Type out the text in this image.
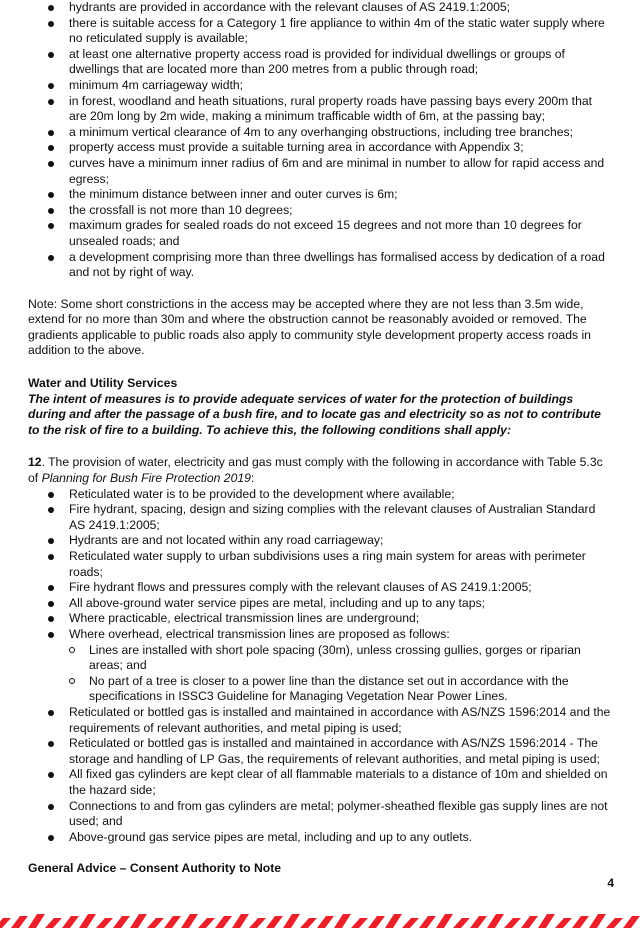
hydrants are provided in accordance with the relevant clauses of AS 2419.1:2005;
there is suitable access for a Category 1 fire appliance to within 4m of the static water supply where no reticulated supply is available;
at least one alternative property access road is provided for individual dwellings or groups of dwellings that are located more than 200 metres from a public through road;
minimum 4m carriageway width;
in forest, woodland and heath situations, rural property roads have passing bays every 200m that are 20m long by 2m wide, making a minimum trafficable width of 6m, at the passing bay;
a minimum vertical clearance of 4m to any overhanging obstructions, including tree branches;
property access must provide a suitable turning area in accordance with Appendix 3;
curves have a minimum inner radius of 6m and are minimal in number to allow for rapid access and egress;
the minimum distance between inner and outer curves is 6m;
the crossfall is not more than 10 degrees;
maximum grades for sealed roads do not exceed 15 degrees and not more than 10 degrees for unsealed roads; and
a development comprising more than three dwellings has formalised access by dedication of a road and not by right of way.

Note: Some short constrictions in the access may be accepted where they are not less than 3.5m wide, extend for no more than 30m and where the obstruction cannot be reasonably avoided or removed. The gradients applicable to public roads also apply to community style development property access roads in addition to the above.

Water and Utility Services
The intent of measures is to provide adequate services of water for the protection of buildings during and after the passage of a bush fire, and to locate gas and electricity so as not to contribute to the risk of fire to a building. To achieve this, the following conditions shall apply:
12. The provision of water, electricity and gas must comply with the following in accordance with Table 5.3c of Planning for Bush Fire Protection 2019:
Reticulated water is to be provided to the development where available;
Fire hydrant, spacing, design and sizing complies with the relevant clauses of Australian Standard AS 2419.1:2005;
Hydrants are and not located within any road carriageway;
Reticulated water supply to urban subdivisions uses a ring main system for areas with perimeter roads;
Fire hydrant flows and pressures comply with the relevant clauses of AS 2419.1:2005;
All above-ground water service pipes are metal, including and up to any taps;
Where practicable, electrical transmission lines are underground;
Where overhead, electrical transmission lines are proposed as follows:
Lines are installed with short pole spacing (30m), unless crossing gullies, gorges or riparian areas; and
No part of a tree is closer to a power line than the distance set out in accordance with the specifications in ISSC3 Guideline for Managing Vegetation Near Power Lines.
Reticulated or bottled gas is installed and maintained in accordance with AS/NZS 1596:2014 and the requirements of relevant authorities, and metal piping is used;
Reticulated or bottled gas is installed and maintained in accordance with AS/NZS 1596:2014 - The storage and handling of LP Gas, the requirements of relevant authorities, and metal piping is used;
All fixed gas cylinders are kept clear of all flammable materials to a distance of 10m and shielded on the hazard side;
Connections to and from gas cylinders are metal; polymer-sheathed flexible gas supply lines are not used; and
Above-ground gas service pipes are metal, including and up to any outlets.
General Advice – Consent Authority to Note
4
